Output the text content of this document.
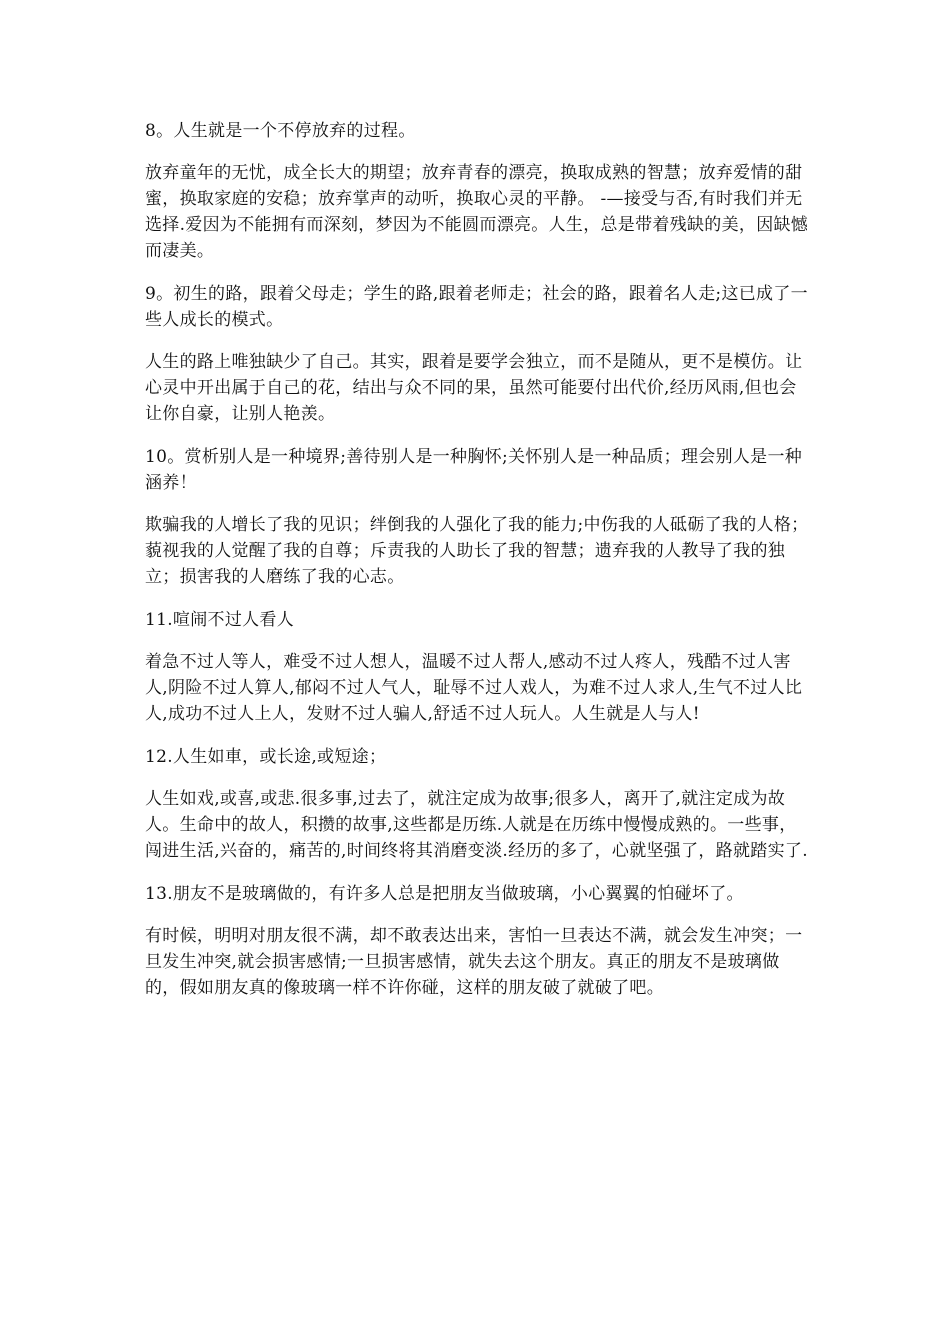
8。人生就是一个不停放弃的过程。

放弃童年的无忧，成全长大的期望；放弃青春的漂亮，换取成熟的智慧；放弃爱情的甜蜜，换取家庭的安稳；放弃掌声的动听，换取心灵的平静。 -—接受与否,有时我们并无选择.爱因为不能拥有而深刻，梦因为不能圆而漂亮。人生，总是带着残缺的美，因缺憾而凄美。

9。初生的路，跟着父母走；学生的路,跟着老师走；社会的路，跟着名人走;这已成了一些人成长的模式。

人生的路上唯独缺少了自己。其实，跟着是要学会独立，而不是随从，更不是模仿。让心灵中开出属于自己的花，结出与众不同的果，虽然可能要付出代价,经历风雨,但也会让你自豪，让别人艳羡。

10。赏析别人是一种境界;善待别人是一种胸怀;关怀别人是一种品质；理会别人是一种涵养！

欺骗我的人增长了我的见识；绊倒我的人强化了我的能力;中伤我的人砥砺了我的人格；藐视我的人觉醒了我的自尊；斥责我的人助长了我的智慧；遗弃我的人教导了我的独立；损害我的人磨练了我的心志。

11.喧闹不过人看人

着急不过人等人，难受不过人想人，温暖不过人帮人,感动不过人疼人，残酷不过人害人,阴险不过人算人,郁闷不过人气人，耻辱不过人戏人，为难不过人求人,生气不过人比人,成功不过人上人，发财不过人骗人,舒适不过人玩人。人生就是人与人!

12.人生如車，或长途,或短途；

人生如戏,或喜,或悲.很多事,过去了，就注定成为故事;很多人，离开了,就注定成为故人。生命中的故人，积攒的故事,这些都是历练.人就是在历练中慢慢成熟的。一些事，闯进生活,兴奋的，痛苦的,时间终将其消磨变淡.经历的多了，心就坚强了，路就踏实了.

13.朋友不是玻璃做的，有许多人总是把朋友当做玻璃，小心翼翼的怕碰坏了。

有时候，明明对朋友很不满，却不敢表达出来，害怕一旦表达不满，就会发生冲突；一旦发生冲突,就会损害感情;一旦损害感情，就失去这个朋友。真正的朋友不是玻璃做的，假如朋友真的像玻璃一样不许你碰，这样的朋友破了就破了吧。
